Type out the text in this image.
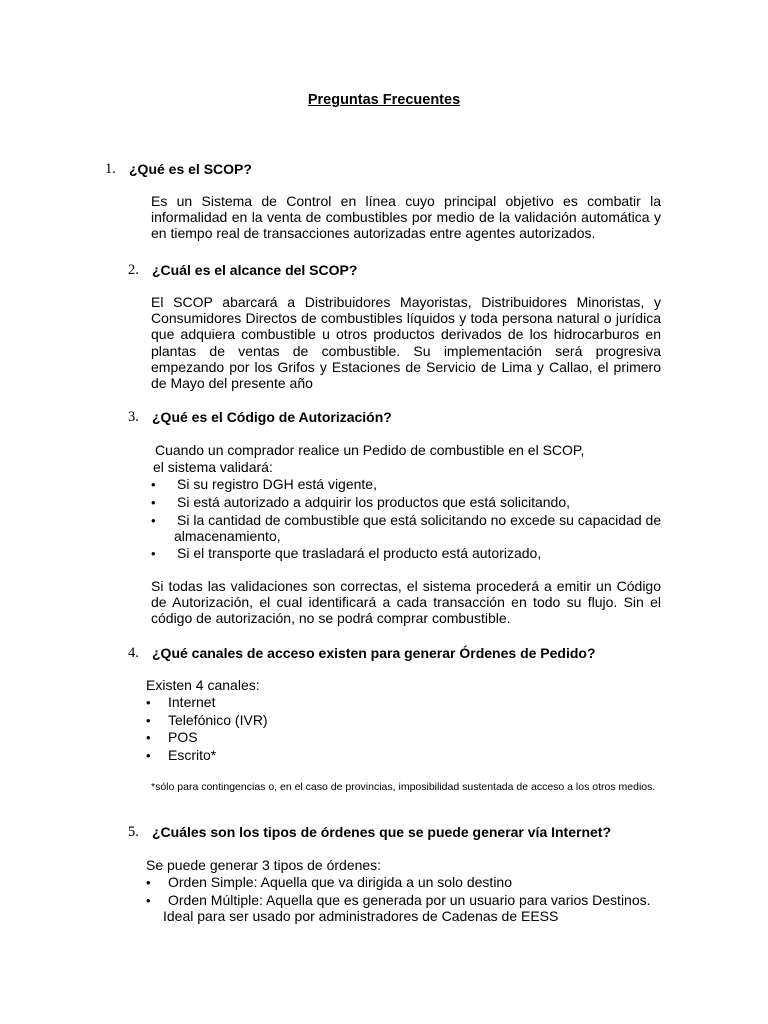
Preguntas Frecuentes
1. ¿Qué es el SCOP?
Es un Sistema de Control en línea cuyo principal objetivo es combatir la informalidad en la venta de combustibles por medio de la validación automática y en tiempo real de transacciones autorizadas entre agentes autorizados.
2. ¿Cuál es el alcance del SCOP?
El SCOP abarcará a Distribuidores Mayoristas, Distribuidores Minoristas, y Consumidores Directos de combustibles líquidos y toda persona natural o jurídica que adquiera combustible u otros productos derivados de los hidrocarburos en plantas de ventas de combustible. Su implementación será progresiva empezando por los Grifos y Estaciones de Servicio de Lima y Callao, el primero de Mayo del presente año
3. ¿Qué es el Código de Autorización?
Cuando un comprador realice un Pedido de combustible en el SCOP,
el sistema validará:
• Si su registro DGH está vigente,
• Si está autorizado a adquirir los productos que está solicitando,
• Si la cantidad de combustible que está solicitando no excede su capacidad de
almacenamiento,
• Si el transporte que trasladará el producto está autorizado,
Si todas las validaciones son correctas, el sistema procederá a emitir un Código de Autorización, el cual identificará a cada transacción en todo su flujo. Sin el código de autorización, no se podrá comprar combustible.
4. ¿Qué canales de acceso existen para generar Órdenes de Pedido?
Existen 4 canales:
• Internet
• Telefónico (IVR)
• POS
• Escrito*
*sólo para contingencias o, en el caso de provincias, imposibilidad sustentada de acceso a los otros medios.
5. ¿Cuáles son los tipos de órdenes que se puede generar vía Internet?
Se puede generar 3 tipos de órdenes:
• Orden Simple: Aquella que va dirigida a un solo destino
• Orden Múltiple: Aquella que es generada por un usuario para varios Destinos.
Ideal para ser usado por administradores de Cadenas de EESS
